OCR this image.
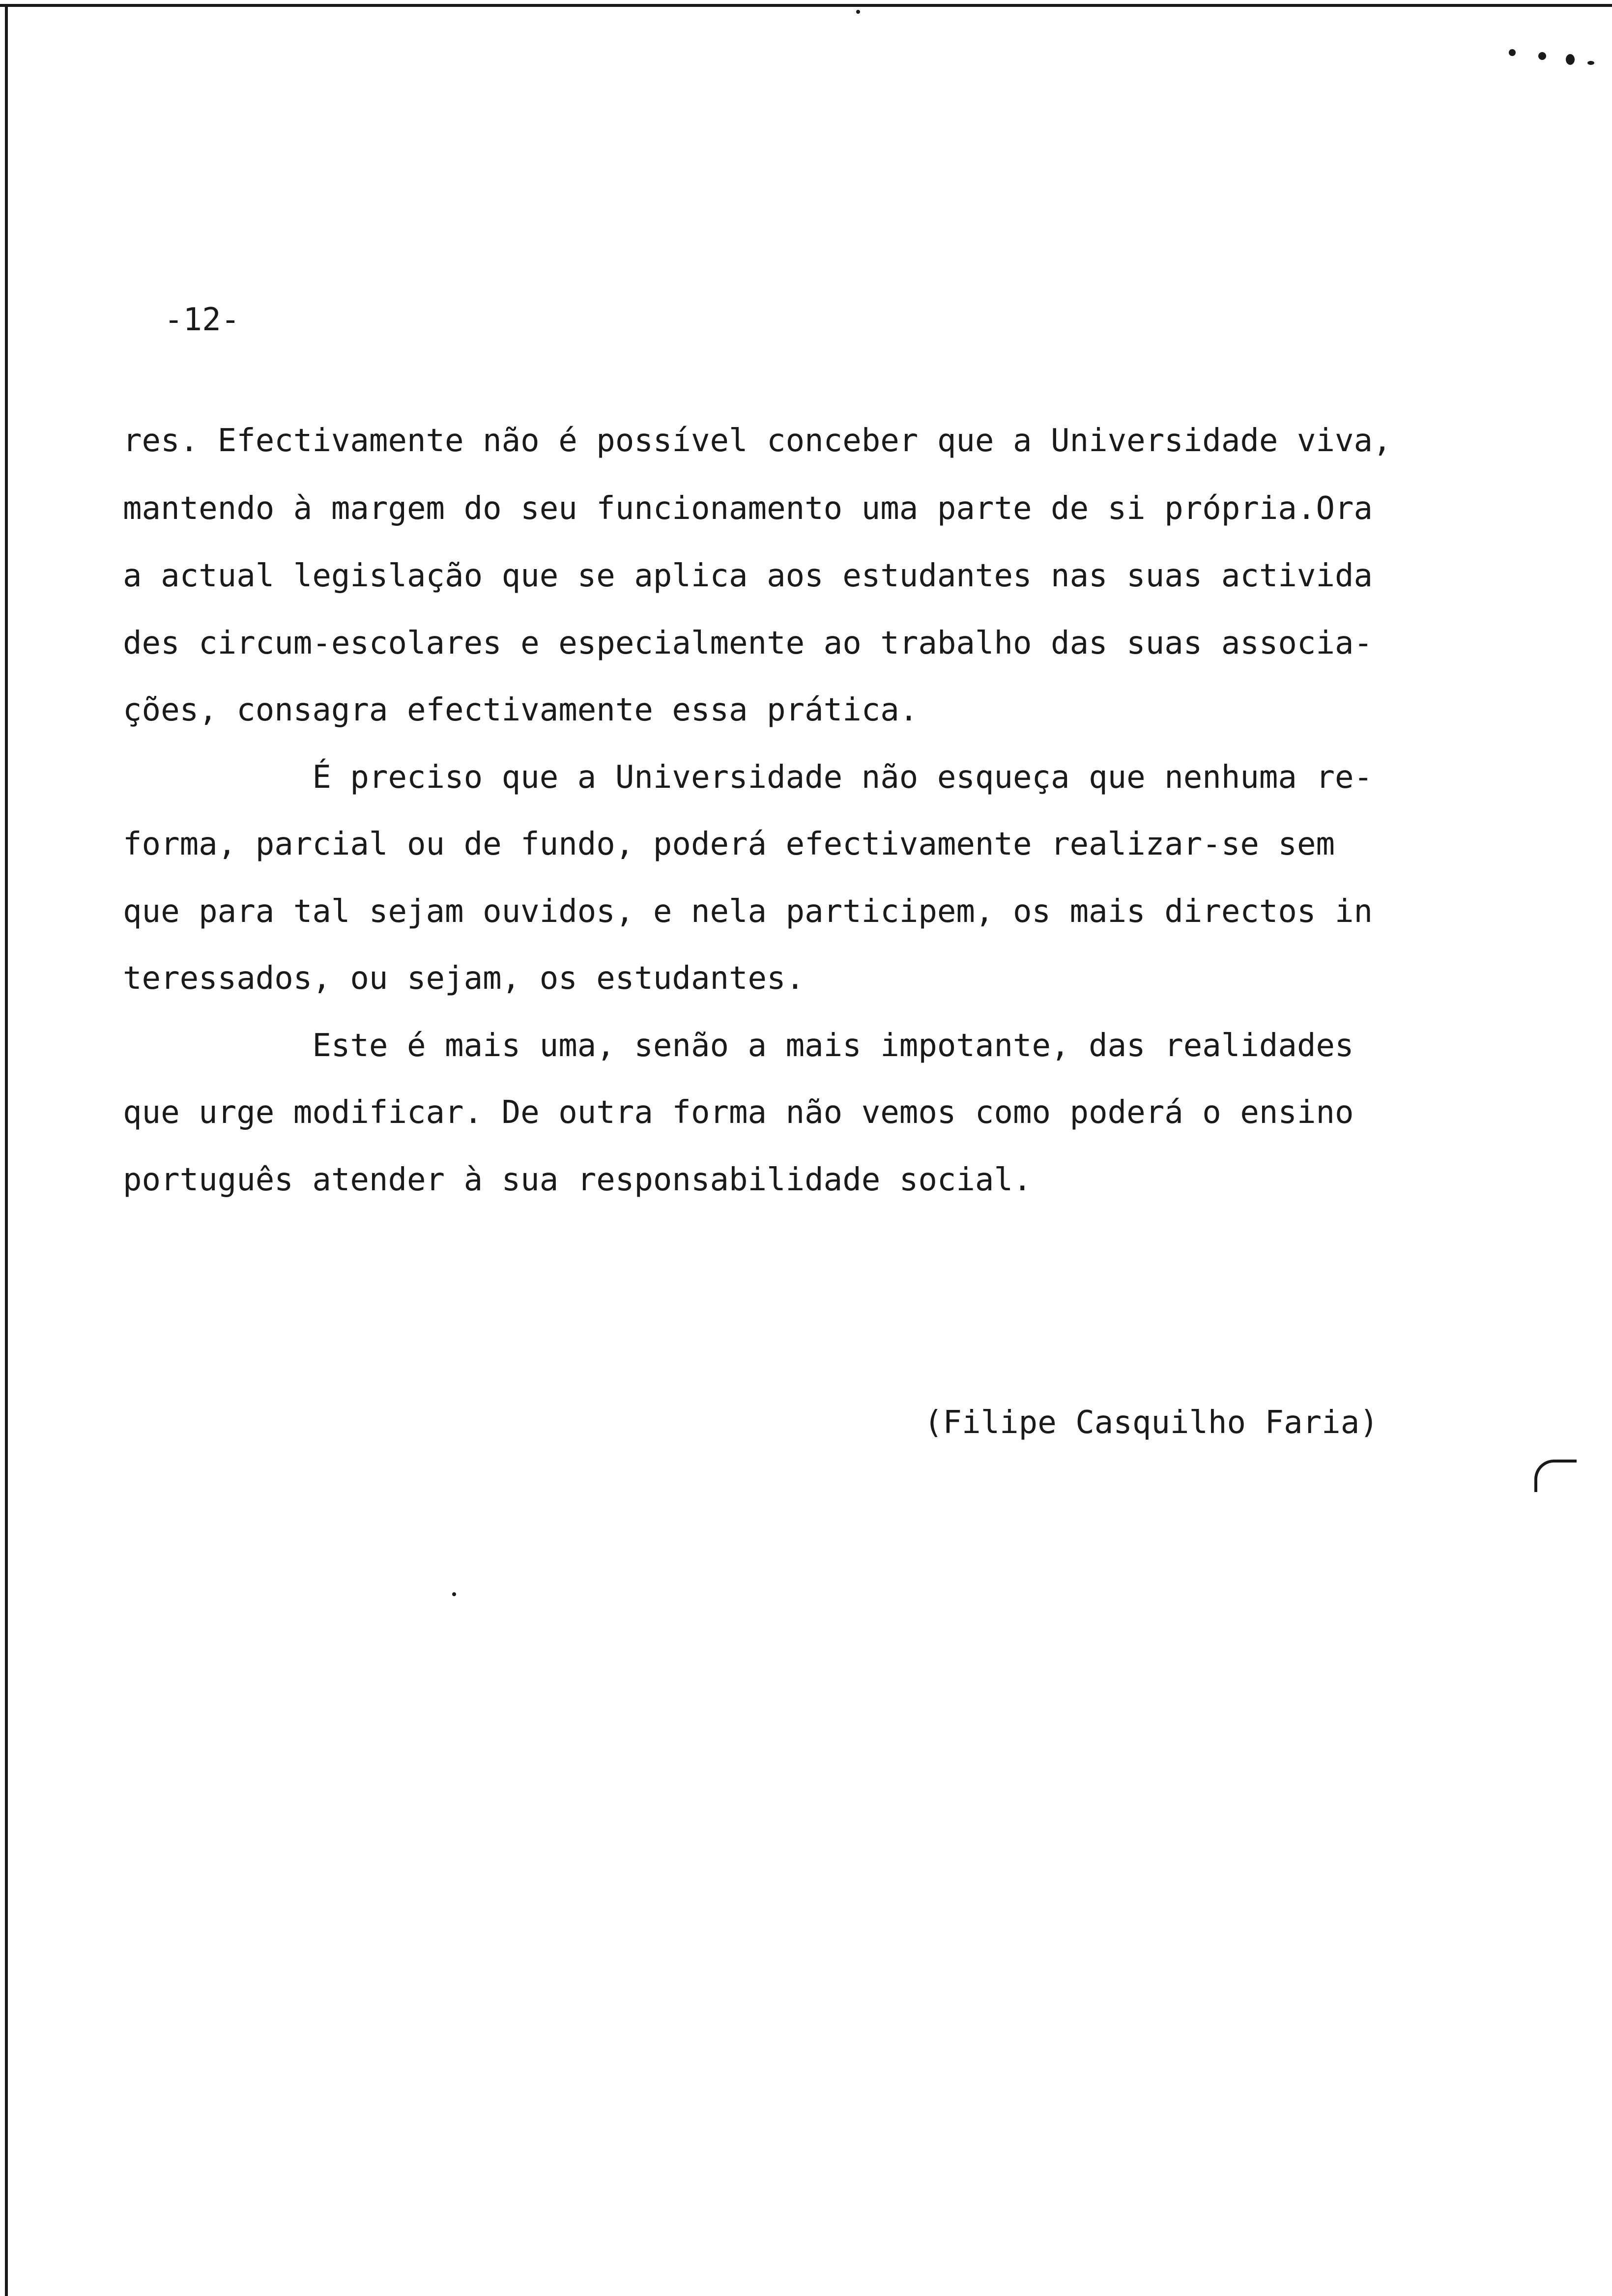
-12-

res. Efectivamente não é possível conceber que a Universidade viva,

mantendo à margem do seu funcionamento uma parte de si própria.Ora

a actual legislação que se aplica aos estudantes nas suas activida

des circum-escolares e especialmente ao trabalho das suas associa-

ções, consagra efectivamente essa prática.

É preciso que a Universidade não esqueça que nenhuma re-

forma, parcial ou de fundo, poderá efectivamente realizar-se sem

que para tal sejam ouvidos, e nela participem, os mais directos in

teressados, ou sejam, os estudantes.

Este é mais uma, senão a mais impotante, das realidades

que urge modificar. De outra forma não vemos como poderá o ensino

português atender à sua responsabilidade social.

(Filipe Casquilho Faria)
